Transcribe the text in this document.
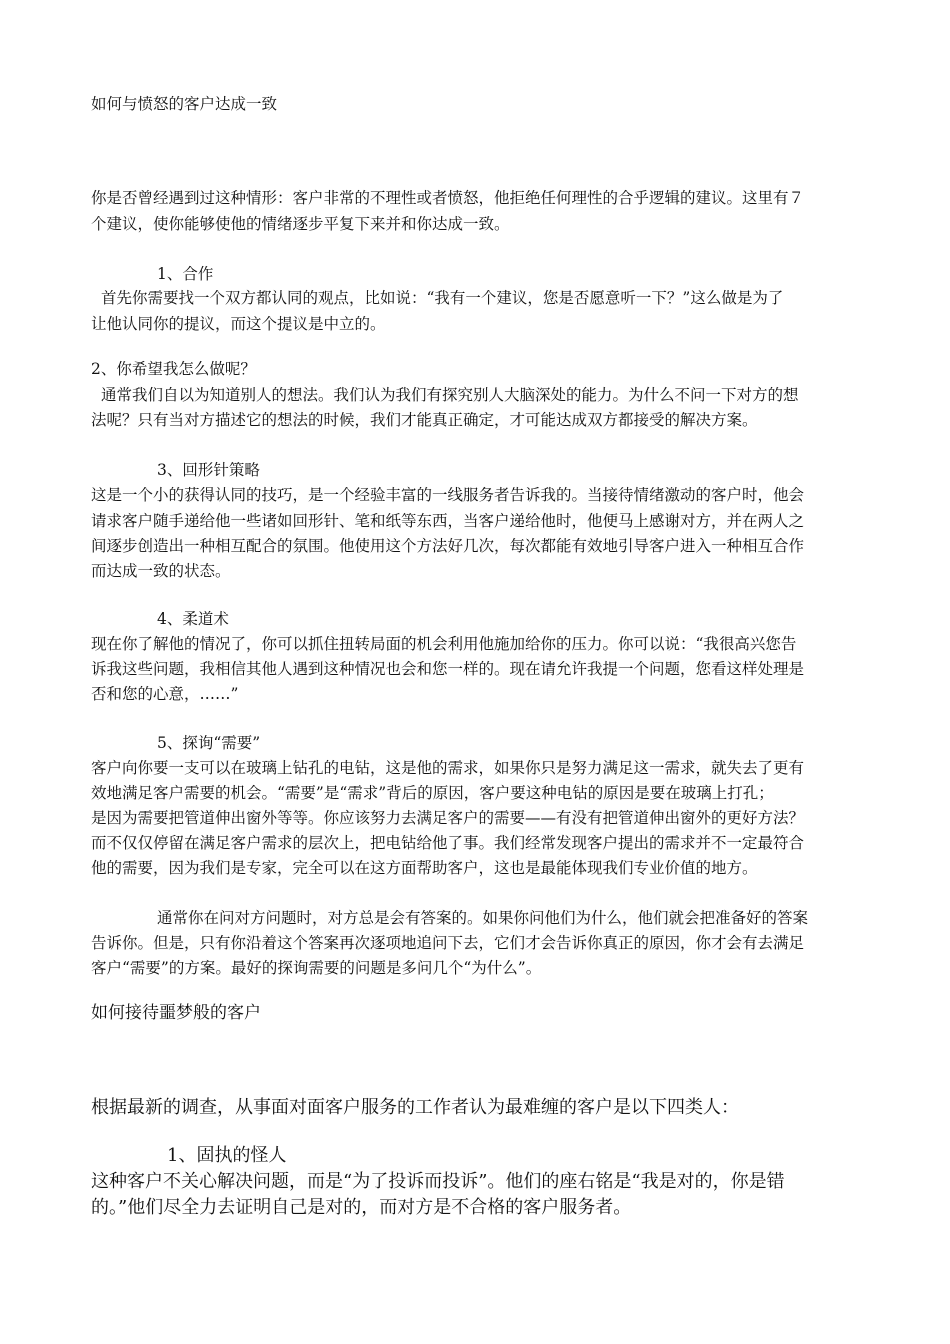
如何与愤怒的客户达成一致
你是否曾经遇到过这种情形：客户非常的不理性或者愤怒，他拒绝任何理性的合乎逻辑的建议。这里有７
个建议，使你能够使他的情绪逐步平复下来并和你达成一致。
1、合作
首先你需要找一个双方都认同的观点，比如说：“我有一个建议，您是否愿意听一下？”这么做是为了
让他认同你的提议，而这个提议是中立的。
2、你希望我怎么做呢？
通常我们自以为知道别人的想法。我们认为我们有探究别人大脑深处的能力。为什么不问一下对方的想
法呢？只有当对方描述它的想法的时候，我们才能真正确定，才可能达成双方都接受的解决方案。
3、回形针策略
这是一个小的获得认同的技巧，是一个经验丰富的一线服务者告诉我的。当接待情绪激动的客户时，他会
请求客户随手递给他一些诸如回形针、笔和纸等东西，当客户递给他时，他便马上感谢对方，并在两人之
间逐步创造出一种相互配合的氛围。他使用这个方法好几次，每次都能有效地引导客户进入一种相互合作
而达成一致的状态。
4、柔道术
现在你了解他的情况了，你可以抓住扭转局面的机会利用他施加给你的压力。你可以说：“我很高兴您告
诉我这些问题，我相信其他人遇到这种情况也会和您一样的。现在请允许我提一个问题，您看这样处理是
否和您的心意，……”
5、探询“需要”
客户向你要一支可以在玻璃上钻孔的电钻，这是他的需求，如果你只是努力满足这一需求，就失去了更有
效地满足客户需要的机会。“需要”是“需求”背后的原因，客户要这种电钻的原因是要在玻璃上打孔；
是因为需要把管道伸出窗外等等。你应该努力去满足客户的需要——有没有把管道伸出窗外的更好方法？
而不仅仅停留在满足客户需求的层次上，把电钻给他了事。我们经常发现客户提出的需求并不一定最符合
他的需要，因为我们是专家，完全可以在这方面帮助客户，这也是最能体现我们专业价值的地方。
通常你在问对方问题时，对方总是会有答案的。如果你问他们为什么，他们就会把准备好的答案
告诉你。但是，只有你沿着这个答案再次逐项地追问下去，它们才会告诉你真正的原因，你才会有去满足
客户“需要”的方案。最好的探询需要的问题是多问几个“为什么”。
如何接待噩梦般的客户
根据最新的调查，从事面对面客户服务的工作者认为最难缠的客户是以下四类人：
1、固执的怪人
这种客户不关心解决问题，而是“为了投诉而投诉”。他们的座右铭是“我是对的，你是错
的。”他们尽全力去证明自己是对的，而对方是不合格的客户服务者。
